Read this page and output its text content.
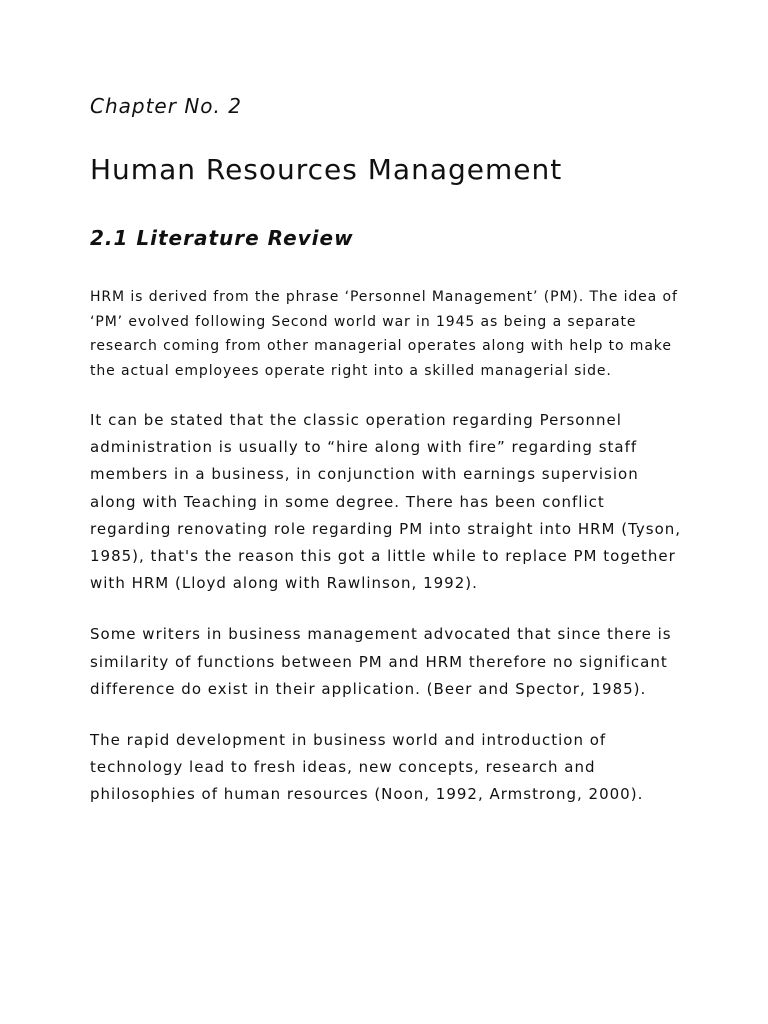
Chapter No. 2
Human Resources Management
2.1 Literature Review

HRM is derived from the phrase ‘Personnel Management’ (PM). The idea of ‘PM’ evolved following Second world war in 1945 as being a separate research coming from other managerial operates along with help to make the actual employees operate right into a skilled managerial side.

It can be stated that the classic operation regarding Personnel administration is usually to “hire along with fire” regarding staff members in a business, in conjunction with earnings supervision along with Teaching in some degree. There has been conflict regarding renovating role regarding PM into straight into HRM (Tyson, 1985), that's the reason this got a little while to replace PM together with HRM (Lloyd along with Rawlinson, 1992).

Some writers in business management advocated that since there is similarity of functions between PM and HRM therefore no significant difference do exist in their application. (Beer and Spector, 1985).

The rapid development in business world and introduction of technology lead to fresh ideas, new concepts, research and philosophies of human resources (Noon, 1992, Armstrong, 2000).
